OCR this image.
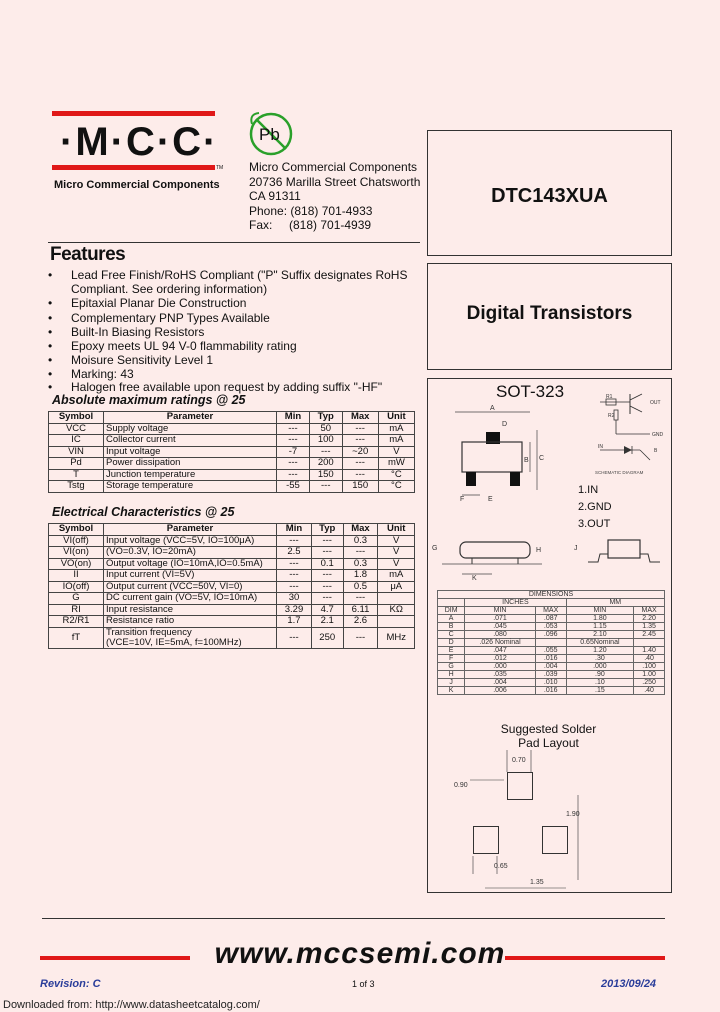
·M·C·C·
TM
Micro Commercial Components
Pb
Micro Commercial Components
20736 Marilla Street Chatsworth
CA 91311
Phone: (818) 701-4933
Fax:     (818) 701-4939
DTC143XUA
Digital Transistors
Features
• Lead Free Finish/RoHS Compliant ("P" Suffix designates RoHS Compliant. See ordering information)
• Epitaxial Planar Die Construction
• Complementary PNP Types Available
• Built-In Biasing Resistors
• Epoxy meets UL 94 V-0 flammability rating
• Moisure Sensitivity Level 1
• Marking: 43
• Halogen free available upon request by adding suffix "-HF"
Absolute maximum ratings @ 25
Symbol	Parameter	Min	Typ	Max	Unit
VCC	Supply voltage	---	50	---	mA
IC	Collector current	---	100	---	mA
VIN	Input voltage	-7	---	~20	V
Pd	Power dissipation	---	200	---	mW
T	Junction temperature	---	150	---	°C
Tstg	Storage temperature	-55	---	150	°C
Electrical Characteristics @ 25
Symbol	Parameter	Min	Typ	Max	Unit
VI(off)	Input voltage (VCC=5V, IO=100μA)	---	---	0.3	V
VI(on)	(VO=0.3V, IO=20mA)	2.5	---	---	V
VO(on)	Output voltage (IO=10mA,IO=0.5mA)	---	0.1	0.3	V
II	Input current (VI=5V)	---	---	1.8	mA
IO(off)	Output current (VCC=50V, VI=0)	---	---	0.5	μA
G	DC current gain (VO=5V, IO=10mA)	30	---	---	
RI	Input resistance	3.29	4.7	6.11	KΩ
R2/R1	Resistance ratio	1.7	2.1	2.6	
fT	Transition frequency
(VCE=10V, IE=5mA, f=100MHz)	---	250	---	MHz
SOT-323
A
D
B C
F	E
R1
R2
OUT
GND
IN
B
SCHEMATIC DIAGRAM
1.IN
2.GND
3.OUT
G	H
K
J
DIMENSIONS				
	INCHES		MM	
DIM	MIN	MAX	MIN	MAX
A	.071	.087	1.80	2.20
B	.045	.053	1.15	1.35
C	.080	.096	2.10	2.45
D	.026 Nominal		0.65Nominal	
E	.047	.055	1.20	1.40
F	.012	.016	.30	.40
G	.000	.004	.000	.100
H	.035	.039	.90	1.00
J	.004	.010	.10	.250
K	.006	.016	.15	.40
Suggested Solder
Pad Layout
0.70
0.90
1.90
0.65
1.35
www.mccsemi.com
Revision: C	1 of 3	2013/09/24
Downloaded from: http://www.datasheetcatalog.com/
